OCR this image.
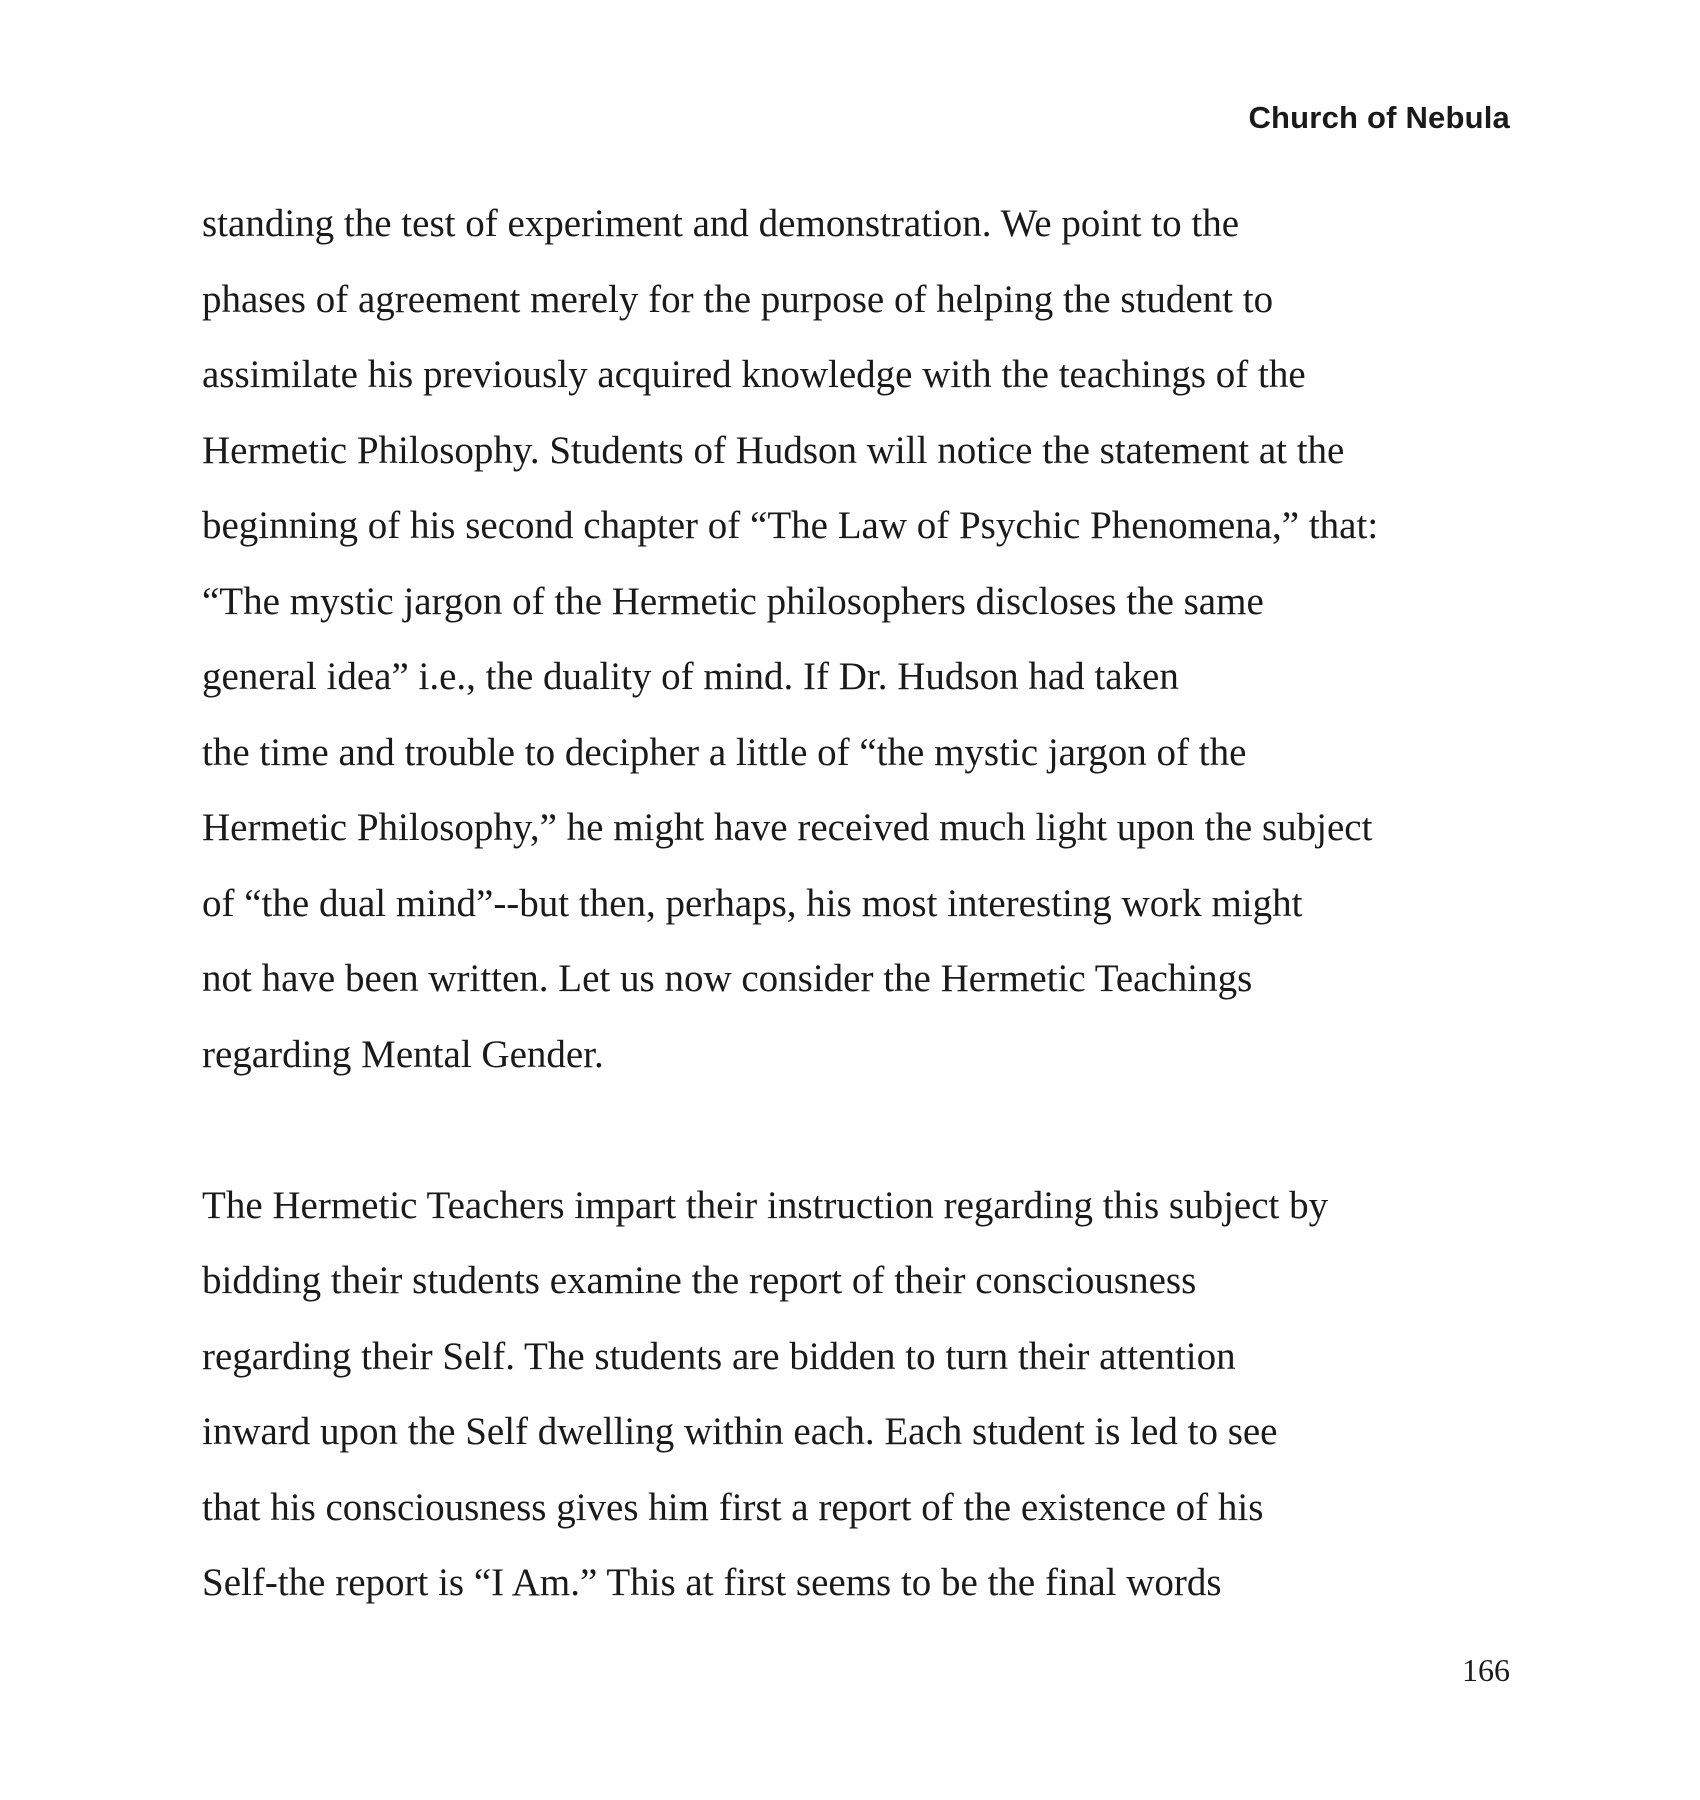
Church of Nebula
standing the test of experiment and demonstration. We point to the
phases of agreement merely for the purpose of helping the student to
assimilate his previously acquired knowledge with the teachings of the
Hermetic Philosophy. Students of Hudson will notice the statement at the
beginning of his second chapter of “The Law of Psychic Phenomena,” that:
“The mystic jargon of the Hermetic philosophers discloses the same
general idea” i.e., the duality of mind. If Dr. Hudson had taken
the time and trouble to decipher a little of “the mystic jargon of the
Hermetic Philosophy,” he might have received much light upon the subject
of “the dual mind”--but then, perhaps, his most interesting work might
not have been written. Let us now consider the Hermetic Teachings
regarding Mental Gender.
The Hermetic Teachers impart their instruction regarding this subject by
bidding their students examine the report of their consciousness
regarding their Self. The students are bidden to turn their attention
inward upon the Self dwelling within each. Each student is led to see
that his consciousness gives him first a report of the existence of his
Self-the report is “I Am.” This at first seems to be the final words
166
